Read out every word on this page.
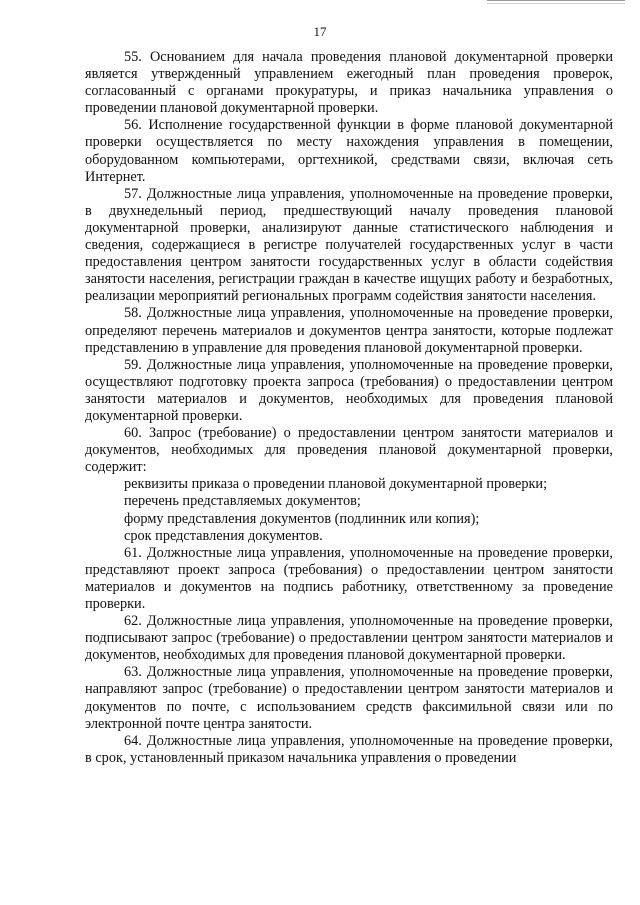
17

55. Основанием для начала проведения плановой документарной проверки является утвержденный управлением ежегодный план проведения проверок, согласованный с органами прокуратуры, и приказ начальника управления о проведении плановой документарной проверки.

56. Исполнение государственной функции в форме плановой документарной проверки осуществляется по месту нахождения управления в помещении, оборудованном компьютерами, оргтехникой, средствами связи, включая сеть Интернет.

57. Должностные лица управления, уполномоченные на проведение проверки, в двухнедельный период, предшествующий началу проведения плановой документарной проверки, анализируют данные статистического наблюдения и сведения, содержащиеся в регистре получателей государственных услуг в части предоставления центром занятости государственных услуг в области содействия занятости населения, регистрации граждан в качестве ищущих работу и безработных, реализации мероприятий региональных программ содействия занятости населения.

58. Должностные лица управления, уполномоченные на проведение проверки, определяют перечень материалов и документов центра занятости, которые подлежат представлению в управление для проведения плановой документарной проверки.

59. Должностные лица управления, уполномоченные на проведение проверки, осуществляют подготовку проекта запроса (требования) о предоставлении центром занятости материалов и документов, необходимых для проведения плановой документарной проверки.

60. Запрос (требование) о предоставлении центром занятости материалов и документов, необходимых для проведения плановой документарной проверки, содержит:

реквизиты приказа о проведении плановой документарной проверки;

перечень представляемых документов;

форму представления документов (подлинник или копия);

срок представления документов.

61. Должностные лица управления, уполномоченные на проведение проверки, представляют проект запроса (требования) о предоставлении центром занятости материалов и документов на подпись работнику, ответственному за проведение проверки.

62. Должностные лица управления, уполномоченные на проведение проверки, подписывают запрос (требование) о предоставлении центром занятости материалов и документов, необходимых для проведения плановой документарной проверки.

63. Должностные лица управления, уполномоченные на проведение проверки, направляют запрос (требование) о предоставлении центром занятости материалов и документов по почте, с использованием средств факсимильной связи или по электронной почте центра занятости.

64. Должностные лица управления, уполномоченные на проведение проверки, в срок, установленный приказом начальника управления о проведении
